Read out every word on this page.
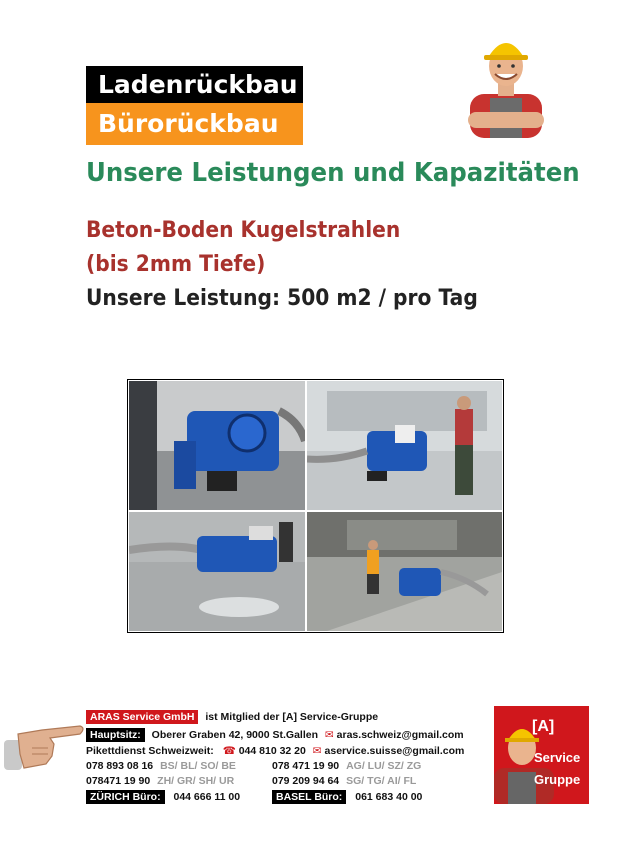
Ladenrückbau
Bürorückbau
Unsere Leistungen und Kapazitäten
Beton-Boden Kugelstrahlen
(bis 2mm Tiefe)
Unsere Leistung: 500 m2 / pro Tag
ARAS Service GmbH ist Mitglied der [A] Service-Gruppe
Hauptsitz: Oberer Graben 42, 9000 St.Gallen ✉ aras.schweiz@gmail.com
Pikettdienst Schweizweit: ☎ 044 810 32 20 ✉ aservice.suisse@gmail.com
078 893 08 16 BS/ BL/ SO/ BE	078 471 19 90 AG/ LU/ SZ/ ZG
078471 19 90 ZH/ GR/ SH/ UR	079 209 94 64 SG/ TG/ AI/ FL
ZÜRICH Büro: 044 666 11 00	BASEL Büro: 061 683 40 00
[A]
Service
Gruppe
